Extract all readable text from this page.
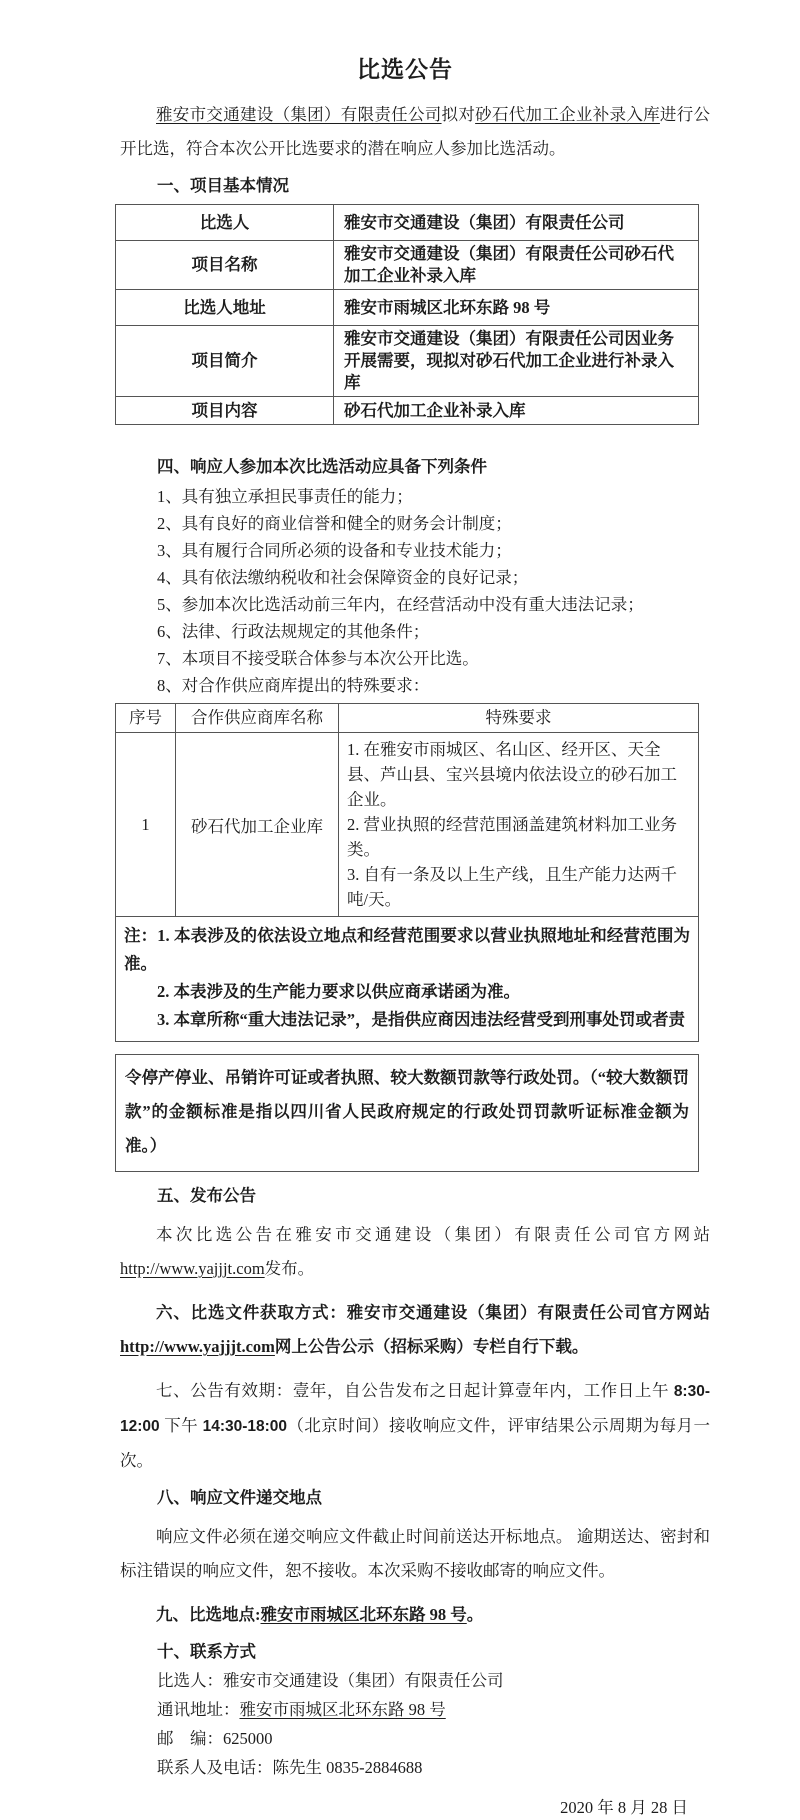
比选公告

雅安市交通建设（集团）有限责任公司拟对砂石代加工企业补录入库进行公开比选，符合本次公开比选要求的潜在响应人参加比选活动。

一、项目基本情况
比选人	雅安市交通建设（集团）有限责任公司
项目名称	雅安市交通建设（集团）有限责任公司砂石代加工企业补录入库
比选人地址	雅安市雨城区北环东路 98 号
项目简介	雅安市交通建设（集团）有限责任公司因业务开展需要，现拟对砂石代加工企业进行补录入库
项目内容	砂石代加工企业补录入库
四、响应人参加本次比选活动应具备下列条件

1、具有独立承担民事责任的能力；

2、具有良好的商业信誉和健全的财务会计制度；

3、具有履行合同所必须的设备和专业技术能力；

4、具有依法缴纳税收和社会保障资金的良好记录；

5、参加本次比选活动前三年内，在经营活动中没有重大违法记录；

6、法律、行政法规规定的其他条件；

7、本项目不接受联合体参与本次公开比选。

8、对合作供应商库提出的特殊要求：

序号	合作供应商库名称	特殊要求
1	砂石代加工企业库	1. 在雅安市雨城区、名山区、经开区、天全县、芦山县、宝兴县境内依法设立的砂石加工企业。
2. 营业执照的经营范围涵盖建筑材料加工业务类。
3. 自有一条及以上生产线，且生产能力达两千吨/天。

注：1. 本表涉及的依法设立地点和经营范围要求以营业执照地址和经营范围为准。

2. 本表涉及的生产能力要求以供应商承诺函为准。

3. 本章所称“重大违法记录”，是指供应商因违法经营受到刑事处罚或者责		

令停产停业、吊销许可证或者执照、较大数额罚款等行政处罚。（“较大数额罚款”的金额标准是指以四川省人民政府规定的行政处罚罚款听证标准金额为准。）

五、发布公告

本次比选公告在雅安市交通建设（集团）有限责任公司官方网站http://www.yajjjt.com发布。

六、比选文件获取方式：雅安市交通建设（集团）有限责任公司官方网站http://www.yajjjt.com网上公告公示（招标采购）专栏自行下载。

七、公告有效期：壹年，自公告发布之日起计算壹年内，工作日上午 8:30-12:00 下午 14:30-18:00（北京时间）接收响应文件，评审结果公示周期为每月一次。

八、响应文件递交地点

响应文件必须在递交响应文件截止时间前送达开标地点。 逾期送达、密封和标注错误的响应文件，恕不接收。本次采购不接收邮寄的响应文件。

九、比选地点:雅安市雨城区北环东路 98 号。

十、联系方式

比选人：雅安市交通建设（集团）有限责任公司

通讯地址：雅安市雨城区北环东路 98 号

邮　编：625000

联系人及电话：陈先生 0835-2884688

2020 年 8 月 28 日
